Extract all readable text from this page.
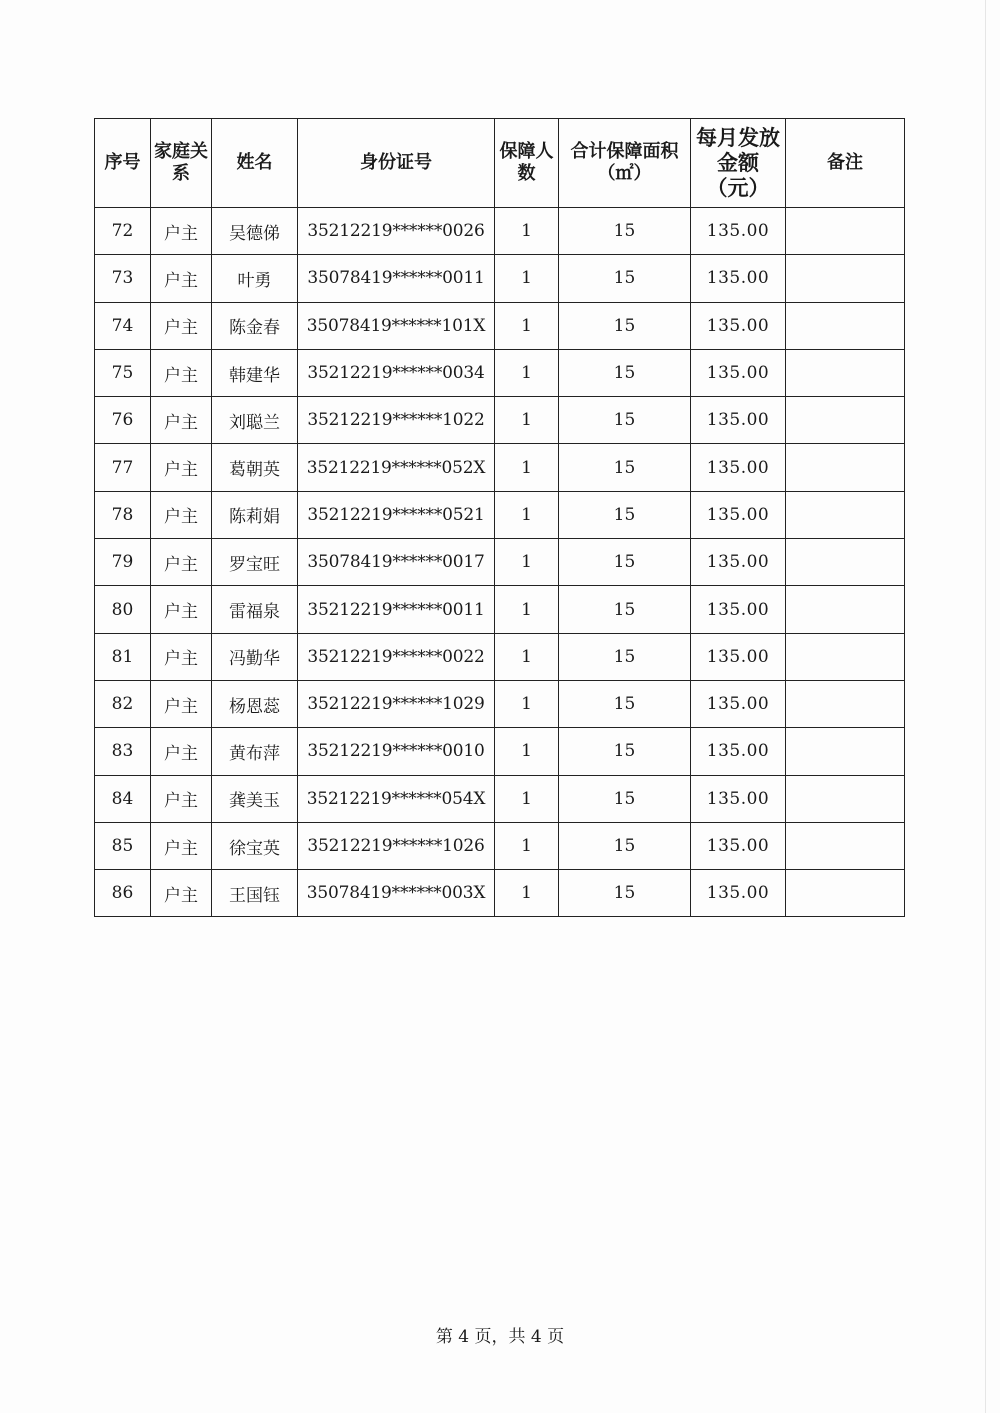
序号	家庭关系	姓名	身份证号	保障人数	合计保障面积（㎡）	每月发放金额（元）	备注
72	户主	吴德俤	35212219******0026	1	15	135.00	
73	户主	叶勇	35078419******0011	1	15	135.00	
74	户主	陈金春	35078419******101X	1	15	135.00	
75	户主	韩建华	35212219******0034	1	15	135.00	
76	户主	刘聪兰	35212219******1022	1	15	135.00	
77	户主	葛朝英	35212219******052X	1	15	135.00	
78	户主	陈莉娟	35212219******0521	1	15	135.00	
79	户主	罗宝旺	35078419******0017	1	15	135.00	
80	户主	雷福泉	35212219******0011	1	15	135.00	
81	户主	冯勤华	35212219******0022	1	15	135.00	
82	户主	杨恩蕊	35212219******1029	1	15	135.00	
83	户主	黄布萍	35212219******0010	1	15	135.00	
84	户主	龚美玉	35212219******054X	1	15	135.00	
85	户主	徐宝英	35212219******1026	1	15	135.00	
86	户主	王国钰	35078419******003X	1	15	135.00	
第 4 页，共 4 页
